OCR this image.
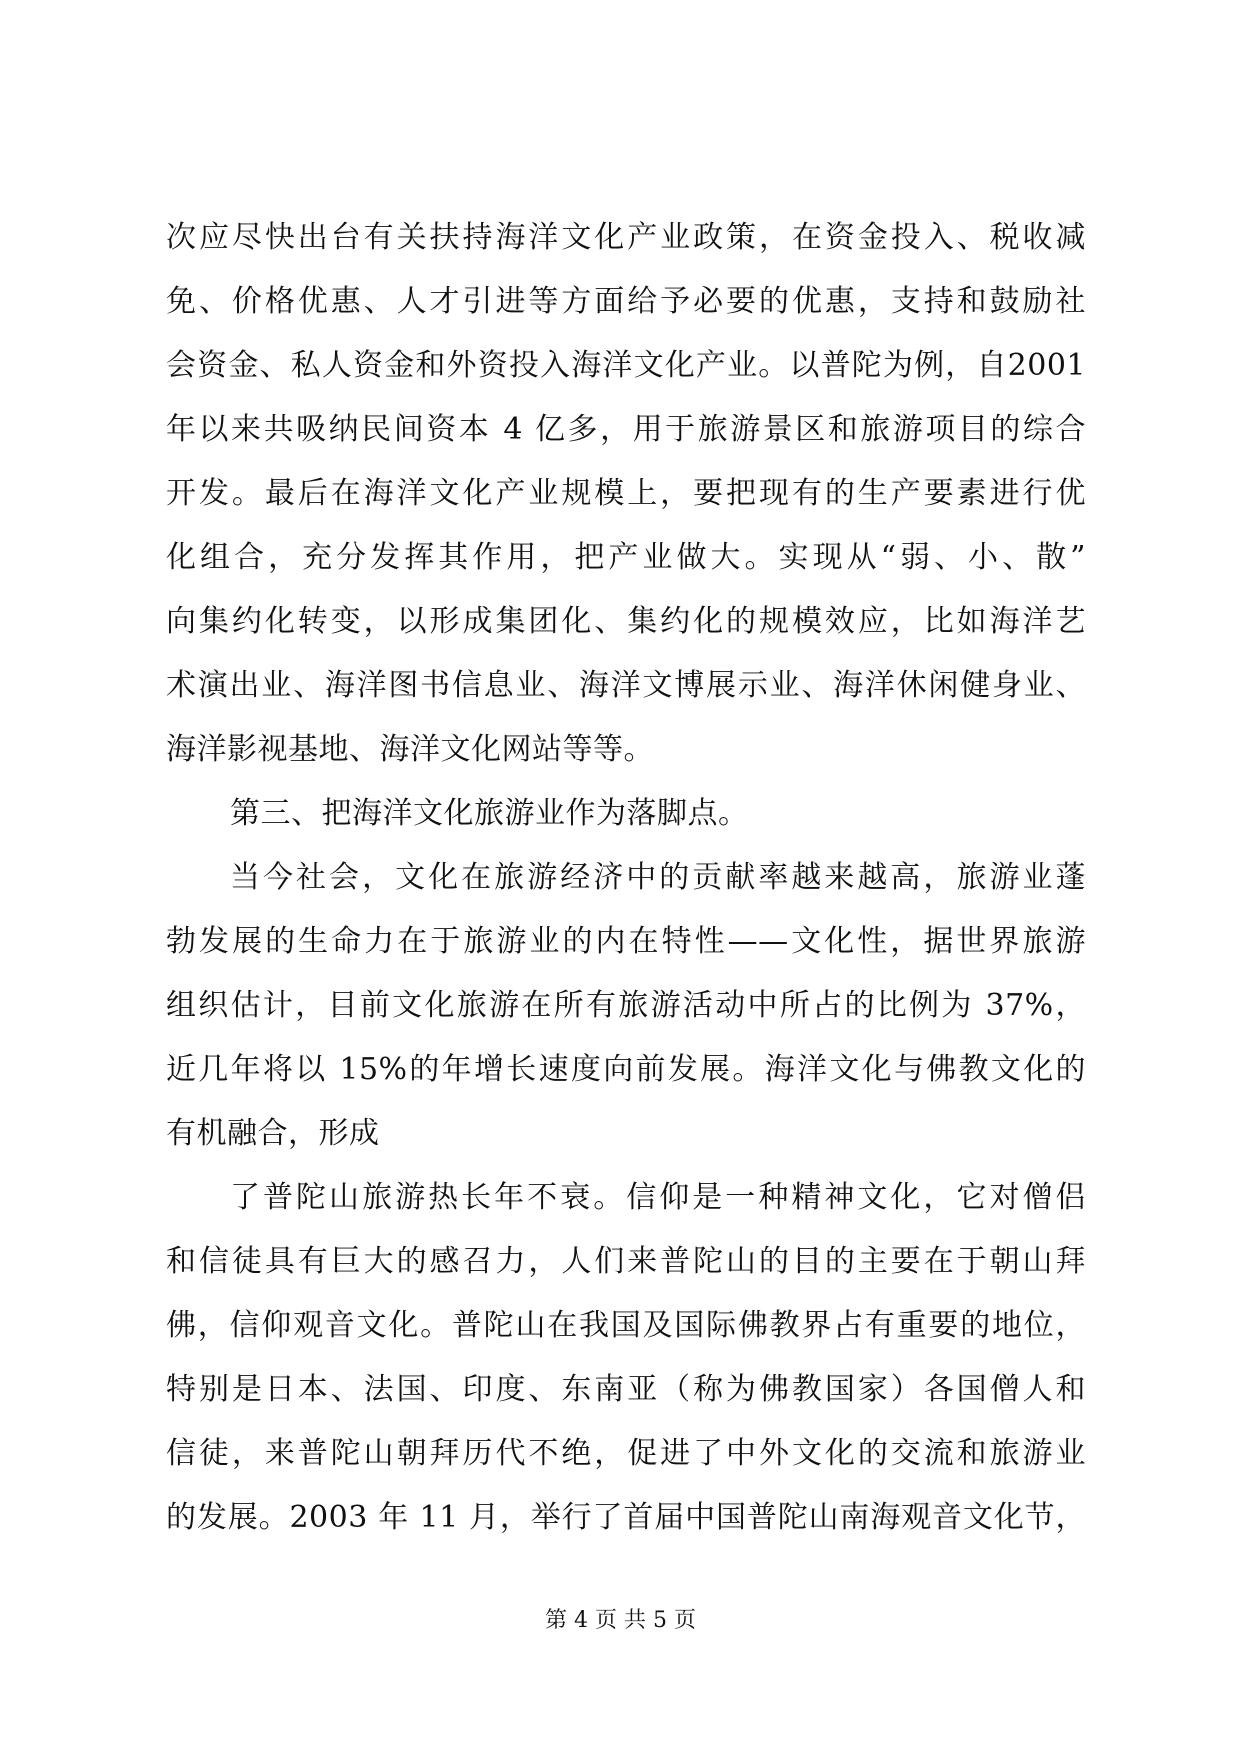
次应尽快出台有关扶持海洋文化产业政策，在资金投入、税收减
免、价格优惠、人才引进等方面给予必要的优惠，支持和鼓励社
会资金、私人资金和外资投入海洋文化产业。以普陀为例，自2001
年以来共吸纳民间资本 4 亿多，用于旅游景区和旅游项目的综合
开发。最后在海洋文化产业规模上，要把现有的生产要素进行优
化组合，充分发挥其作用，把产业做大。实现从“弱、小、散”
向集约化转变，以形成集团化、集约化的规模效应，比如海洋艺
术演出业、海洋图书信息业、海洋文博展示业、海洋休闲健身业、
海洋影视基地、海洋文化网站等等。
第三、把海洋文化旅游业作为落脚点。
当今社会，文化在旅游经济中的贡献率越来越高，旅游业蓬
勃发展的生命力在于旅游业的内在特性——文化性，据世界旅游
组织估计，目前文化旅游在所有旅游活动中所占的比例为 37%，
近几年将以 15%的年增长速度向前发展。海洋文化与佛教文化的
有机融合，形成
了普陀山旅游热长年不衰。信仰是一种精神文化，它对僧侣
和信徒具有巨大的感召力，人们来普陀山的目的主要在于朝山拜
佛，信仰观音文化。普陀山在我国及国际佛教界占有重要的地位，
特别是日本、法国、印度、东南亚（称为佛教国家）各国僧人和
信徒，来普陀山朝拜历代不绝，促进了中外文化的交流和旅游业
的发展。2003 年 11 月，举行了首届中国普陀山南海观音文化节，
第 4 页 共 5 页
